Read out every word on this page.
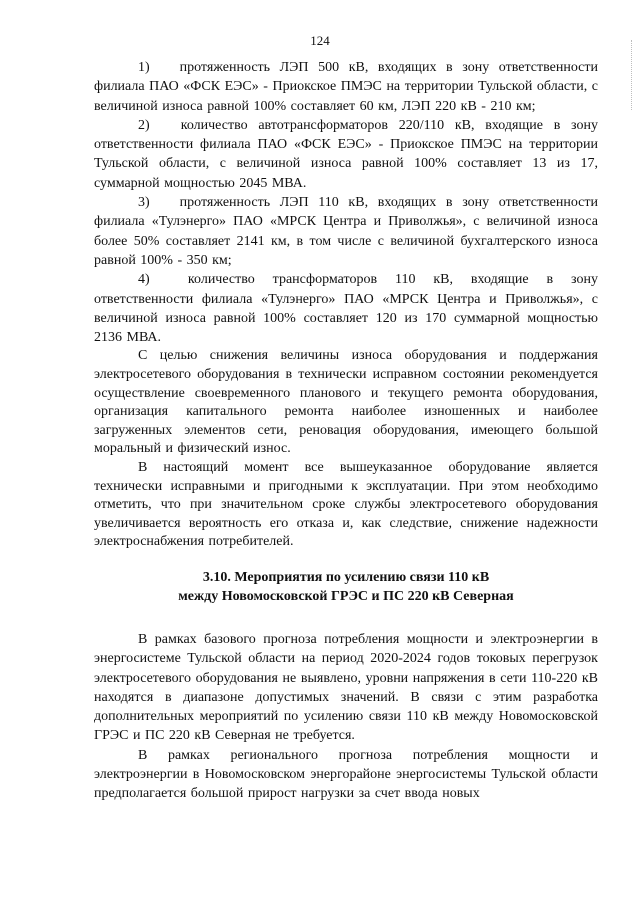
124

1) протяженность ЛЭП 500 кВ, входящих в зону ответственности филиала ПАО «ФСК ЕЭС» - Приокское ПМЭС на территории Тульской области, с величиной износа равной 100% составляет 60 км, ЛЭП 220 кВ - 210 км;

2) количество автотрансформаторов 220/110 кВ, входящие в зону ответственности филиала ПАО «ФСК ЕЭС» - Приокское ПМЭС на территории Тульской области, с величиной износа равной 100% составляет 13 из 17, суммарной мощностью 2045 МВА.

3) протяженность ЛЭП 110 кВ, входящих в зону ответственности филиала «Тулэнерго» ПАО «МРСК Центра и Приволжья», с величиной износа более 50% составляет 2141 км, в том числе с величиной бухгалтерского износа равной 100% - 350 км;

4)	количество трансформаторов 110 кВ, входящие в зону ответственности филиала «Тулэнерго» ПАО «МРСК Центра и Приволжья», с величиной износа равной 100% составляет 120 из 170 суммарной мощностью 2136 МВА.

С целью снижения величины износа оборудования и поддержания электросетевого оборудования в технически исправном состоянии рекомендуется осуществление своевременного планового и текущего ремонта оборудования, организация капитального ремонта наиболее изношенных и наиболее загруженных элементов сети, реновация оборудования, имеющего большой моральный и физический износ.

В настоящий момент все вышеуказанное оборудование является технически исправными и пригодными к эксплуатации. При этом необходимо отметить, что при значительном сроке службы электросетевого оборудования увеличивается вероятность его отказа и, как следствие, снижение надежности электроснабжения потребителей.

3.10. Мероприятия по усилению связи 110 кВ
между Новомосковской ГРЭС и ПС 220 кВ Северная

В рамках базового прогноза потребления мощности и электроэнергии в энергосистеме Тульской области на период 2020-2024 годов токовых перегрузок электросетевого оборудования не выявлено, уровни напряжения в сети 110-220 кВ находятся в диапазоне допустимых значений. В связи с этим разработка дополнительных мероприятий по усилению связи 110 кВ между Новомосковской ГРЭС и ПС 220 кВ Северная не требуется.

В рамках регионального прогноза потребления мощности и электроэнергии в Новомосковском энергорайоне энергосистемы Тульской области предполагается большой прирост нагрузки за счет ввода новых
